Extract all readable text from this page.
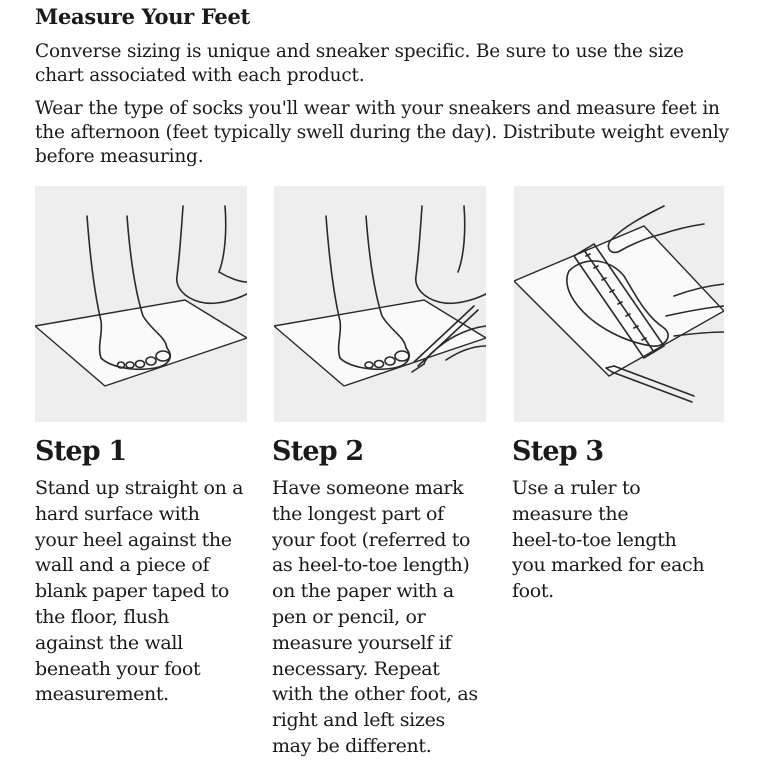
Measure Your Feet

Converse sizing is unique and sneaker specific. Be sure to use the size chart associated with each product.

Wear the type of socks you'll wear with your sneakers and measure feet in the afternoon (feet typically swell during the day). Distribute weight evenly before measuring.

Step 1

Stand up straight on a
hard surface with
your heel against the
wall and a piece of
blank paper taped to
the floor, flush
against the wall
beneath your foot
measurement.

Step 2

Have someone mark
the longest part of
your foot (referred to
as heel-to-toe length)
on the paper with a
pen or pencil, or
measure yourself if
necessary. Repeat
with the other foot, as
right and left sizes
may be different.

Step 3

Use a ruler to
measure the
heel-to-toe length
you marked for each
foot.
